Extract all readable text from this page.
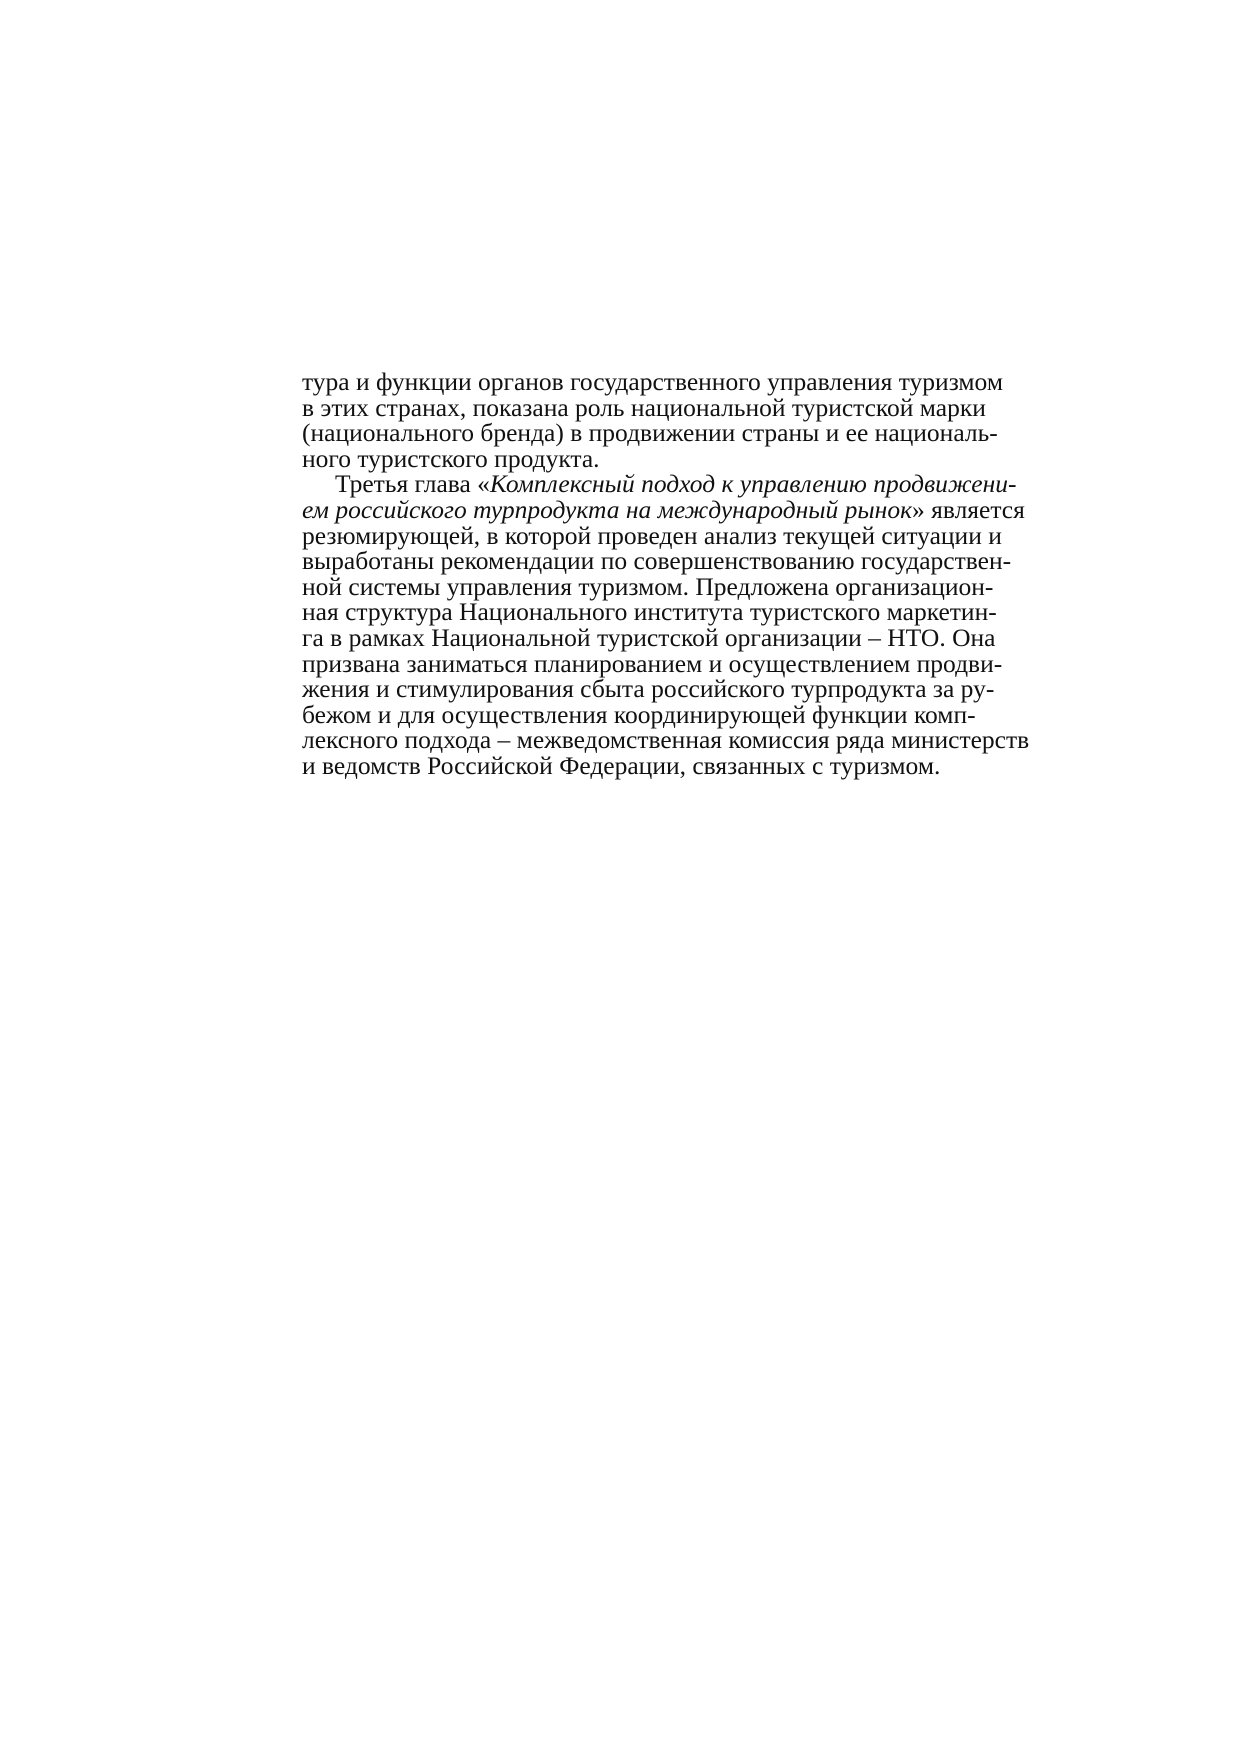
тура и функции органов государственного управления туризмом
в этих странах, показана роль национальной туристской марки
(национального бренда) в продвижении страны и ее националь-
ного туристского продукта.
Третья глава «Комплексный подход к управлению продвижени-
ем российского турпродукта на международный рынок» является
резюмирующей, в которой проведен анализ текущей ситуации и
выработаны рекомендации по совершенствованию государствен-
ной системы управления туризмом. Предложена организацион-
ная структура Национального института туристского маркетин-
га в рамках Национальной туристской организации – НТО. Она
призвана заниматься планированием и осуществлением продви-
жения и стимулирования сбыта российского турпродукта за ру-
бежом и для осуществления координирующей функции комп-
лексного подхода – межведомственная комиссия ряда министерств
и ведомств Российской Федерации, связанных с туризмом.
